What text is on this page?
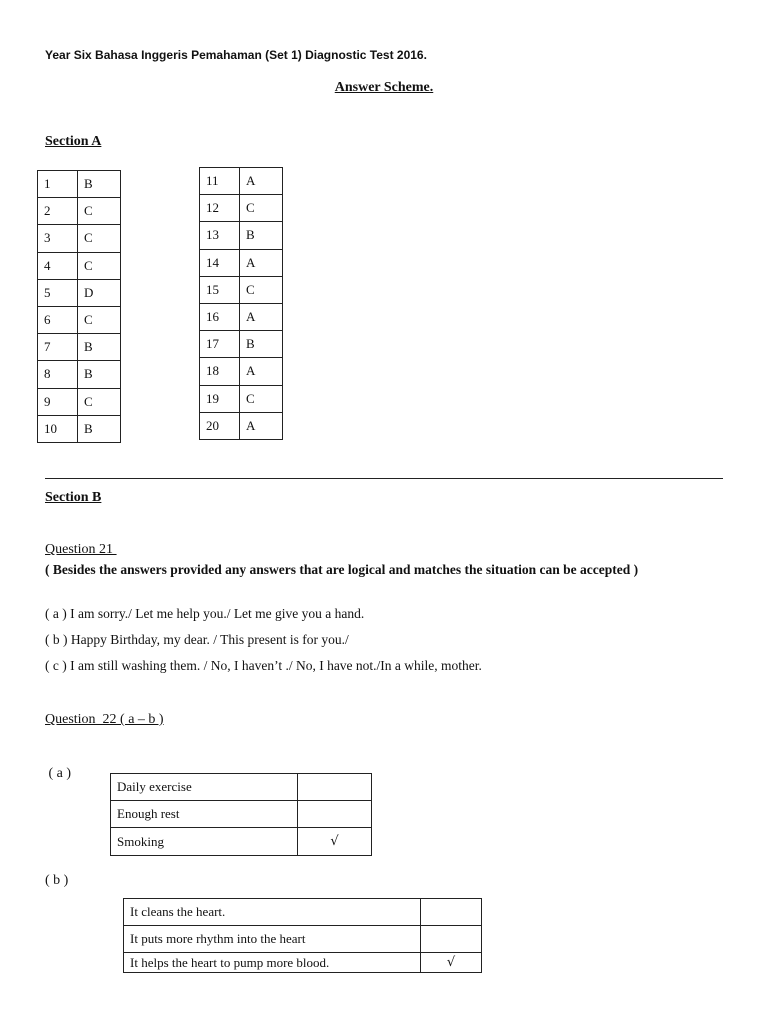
Year Six Bahasa Inggeris Pemahaman (Set 1) Diagnostic Test 2016.
Answer Scheme.
Section A
1	B
2	C
3	C
4	C
5	D
6	C
7	B
8	B
9	C
10	B
11	A
12	C
13	B
14	A
15	C
16	A
17	B
18	A
19	C
20	A
Section B
Question 21
( Besides the answers provided any answers that are logical and matches the situation can be accepted )
( a ) I am sorry./ Let me help you./ Let me give you a hand.
( b ) Happy Birthday, my dear. / This present is for you./
( c ) I am still washing them. / No, I haven’t ./ No, I have not./In a while, mother.
Question  22 ( a – b )
( a )
Daily exercise	
Enough rest	
Smoking	√
( b )
It cleans the heart.	
It puts more rhythm into the heart	
It helps the heart to pump more blood.	√
